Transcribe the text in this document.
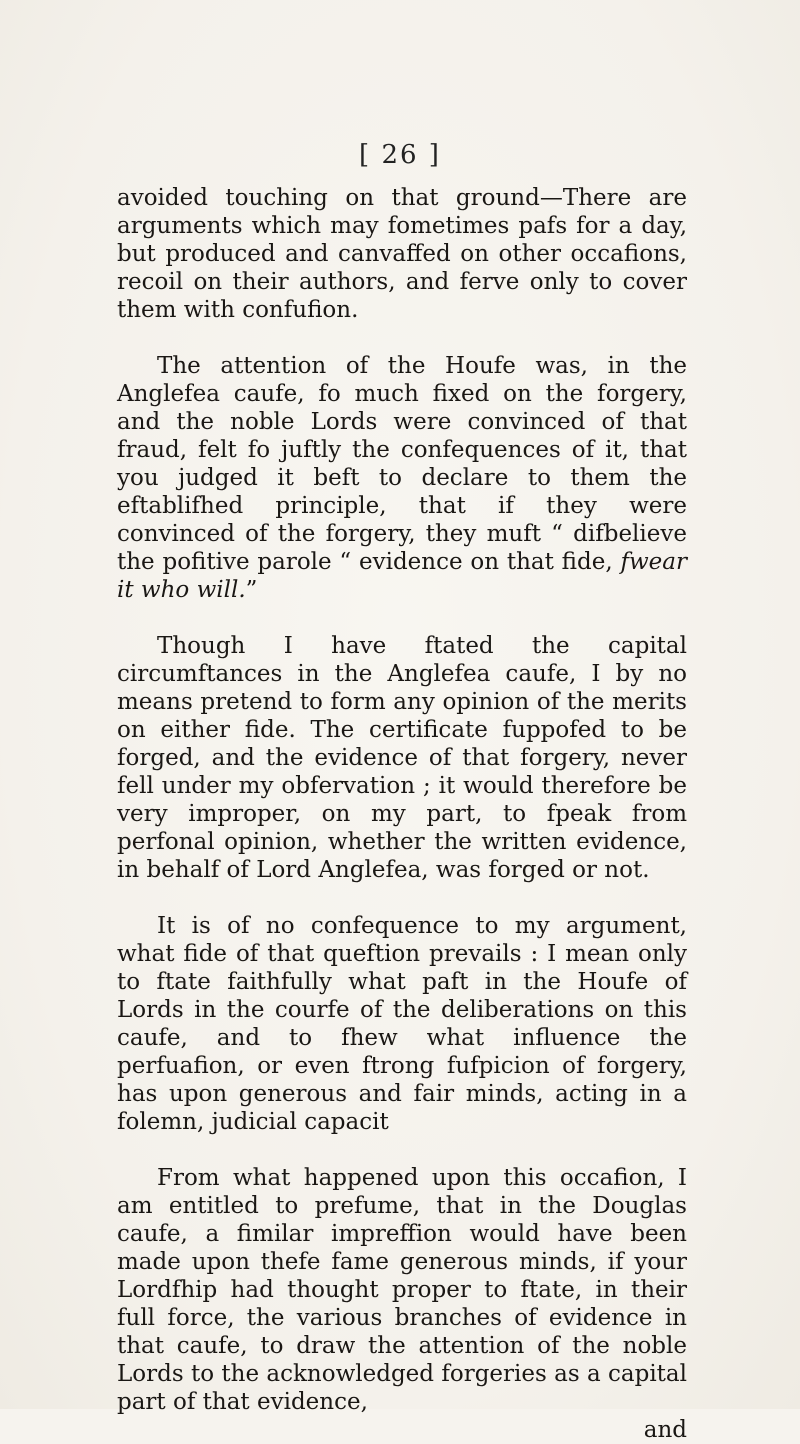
[ 26 ]

avoided touching on that ground—There are arguments which may fometimes pafs for a day, but produced and canvaffed on other occafions, recoil on their authors, and ferve only to cover them with confufion.

The attention of the Houfe was, in the Anglefea caufe, fo much fixed on the forgery, and the noble Lords were convinced of that fraud, felt fo juftly the confequences of it, that you judged it beft to declare to them the eftablifhed principle, that if they were convinced of the forgery, they muft “ difbelieve the pofitive parole “ evidence on that fide, fwear it who will.”

Though I have ftated the capital circumftances in the Anglefea caufe, I by no means pretend to form any opinion of the merits on either fide. The certificate fuppofed to be forged, and the evidence of that forgery, never fell under my obfervation ; it would therefore be very improper, on my part, to fpeak from perfonal opinion, whether the written evidence, in behalf of Lord Anglefea, was forged or not.

It is of no confequence to my argument, what fide of that queftion prevails : I mean only to ftate faithfully what paft in the Houfe of Lords in the courfe of the deliberations on this caufe, and to fhew what influence the perfuafion, or even ftrong fufpicion of forgery, has upon generous and fair minds, acting in a folemn, judicial capacit

From what happened upon this occafion, I am entitled to prefume, that in the Douglas caufe, a fimilar impreffion would have been made upon thefe fame generous minds, if your Lordfhip had thought proper to ftate, in their full force, the various branches of evidence in that caufe, to draw the attention of the noble Lords to the acknowledged forgeries as a capital part of that evidence,

and
